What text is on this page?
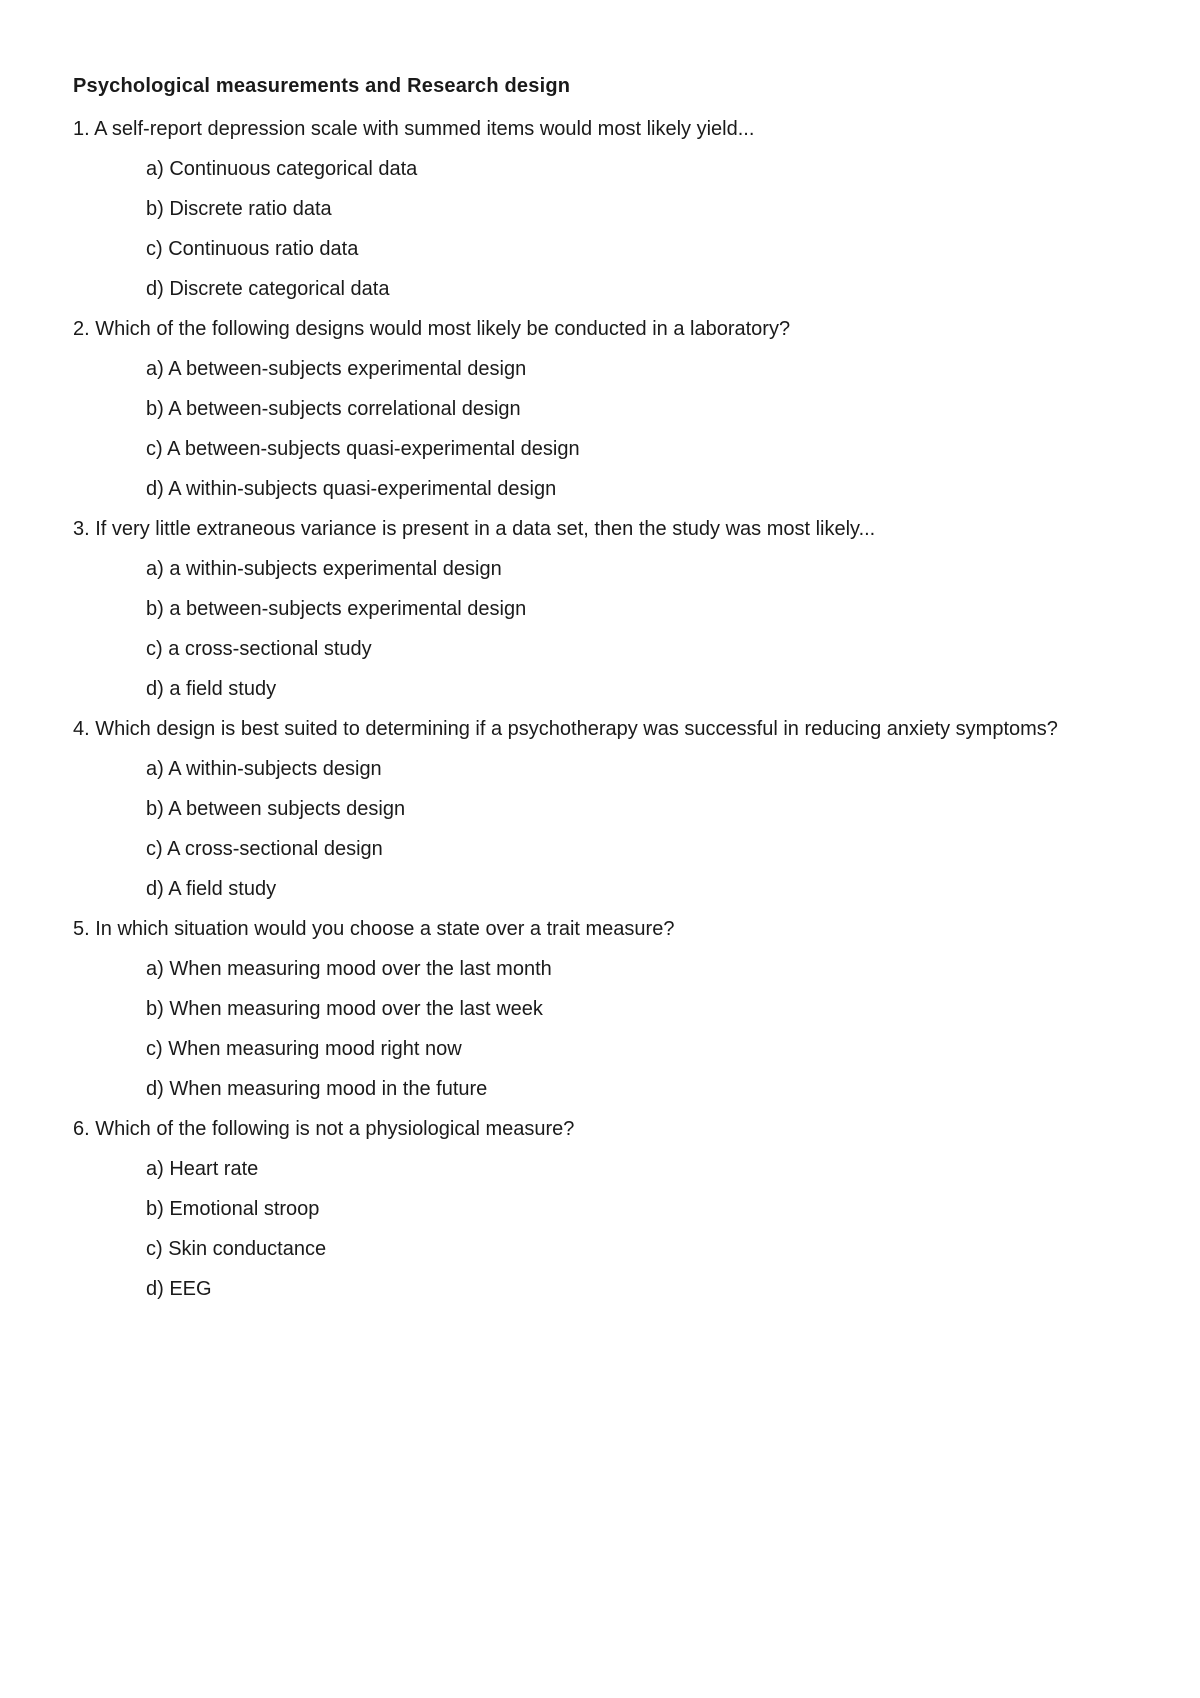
Psychological measurements and Research design

1. A self-report depression scale with summed items would most likely yield...

a) Continuous categorical data
b) Discrete ratio data
c) Continuous ratio data
d) Discrete categorical data

2. Which of the following designs would most likely be conducted in a laboratory?

a) A between-subjects experimental design
b) A between-subjects correlational design
c) A between-subjects quasi-experimental design
d) A within-subjects quasi-experimental design

3. If very little extraneous variance is present in a data set, then the study was most likely...

a) a within-subjects experimental design
b) a between-subjects experimental design
c) a cross-sectional study
d) a field study

4. Which design is best suited to determining if a psychotherapy was successful in reducing anxiety symptoms?

a) A within-subjects design
b) A between subjects design
c) A cross-sectional design
d) A field study

5. In which situation would you choose a state over a trait measure?

a) When measuring mood over the last month
b) When measuring mood over the last week
c) When measuring mood right now
d) When measuring mood in the future

6. Which of the following is not a physiological measure?

a) Heart rate
b) Emotional stroop
c) Skin conductance
d) EEG
